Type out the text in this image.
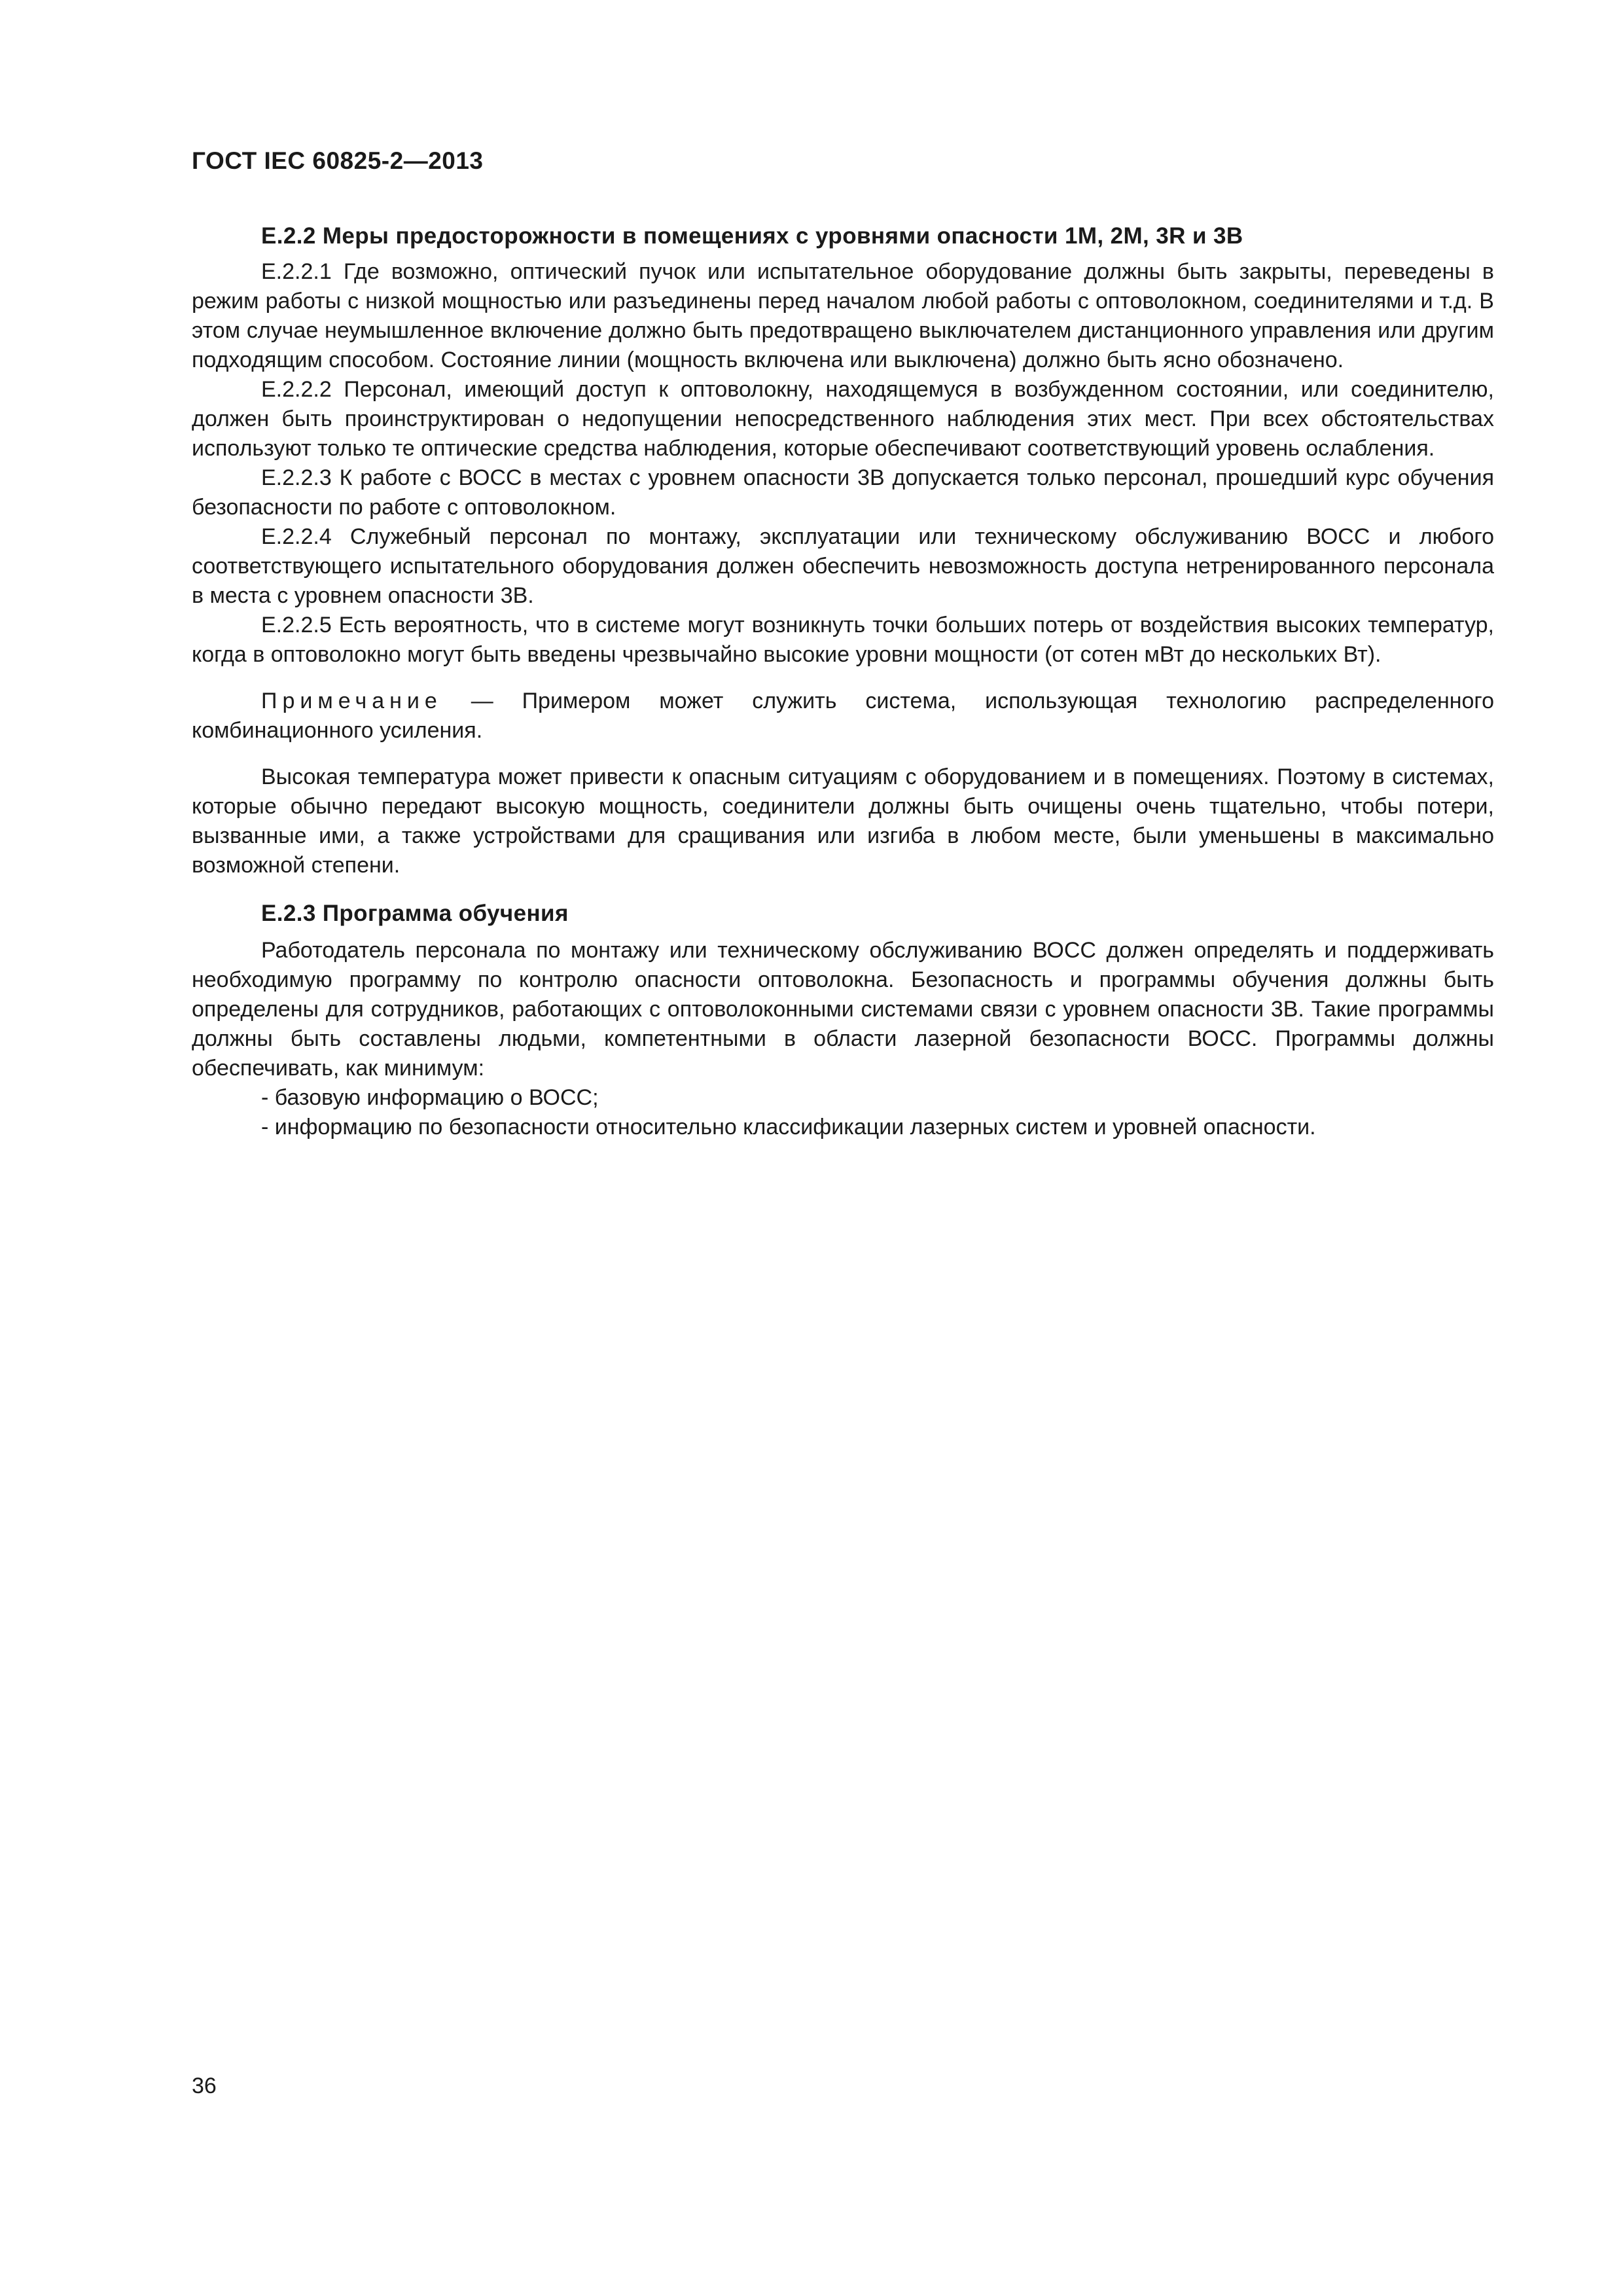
ГОСТ IEC 60825-2—2013
Е.2.2 Меры предосторожности в помещениях с уровнями опасности 1М, 2М, 3R и 3В

Е.2.2.1 Где возможно, оптический пучок или испытательное оборудование должны быть закрыты, переведены в режим работы с низкой мощностью или разъединены перед началом любой работы с оптоволокном, соединителями и т.д. В этом случае неумышленное включение должно быть предотвращено выключателем дистанционного управления или другим подходящим способом. Состояние линии (мощность включена или выключена) должно быть ясно обозначено.

Е.2.2.2 Персонал, имеющий доступ к оптоволокну, находящемуся в возбужденном состоянии, или соединителю, должен быть проинструктирован о недопущении непосредственного наблюдения этих мест. При всех обстоятельствах используют только те оптические средства наблюдения, которые обеспечивают соответствующий уровень ослабления.

Е.2.2.3 К работе с ВОСС в местах с уровнем опасности 3В допускается только персонал, прошедший курс обучения безопасности по работе с оптоволокном.

Е.2.2.4 Служебный персонал по монтажу, эксплуатации или техническому обслуживанию ВОСС и любого соответствующего испытательного оборудования должен обеспечить невозможность доступа нетренированного персонала в места с уровнем опасности 3В.

Е.2.2.5 Есть вероятность, что в системе могут возникнуть точки больших потерь от воздействия высоких температур, когда в оптоволокно могут быть введены чрезвычайно высокие уровни мощности (от сотен мВт до нескольких Вт).

Примечание — Примером может служить система, использующая технологию распределенного комбинационного усиления.

Высокая температура может привести к опасным ситуациям с оборудованием и в помещениях. Поэтому в системах, которые обычно передают высокую мощность, соединители должны быть очищены очень тщательно, чтобы потери, вызванные ими, а также устройствами для сращивания или изгиба в любом месте, были уменьшены в максимально возможной степени.

Е.2.3 Программа обучения

Работодатель персонала по монтажу или техническому обслуживанию ВОСС должен определять и поддерживать необходимую программу по контролю опасности оптоволокна. Безопасность и программы обучения должны быть определены для сотрудников, работающих с оптоволоконными системами связи с уровнем опасности 3В. Такие программы должны быть составлены людьми, компетентными в области лазерной безопасности ВОСС. Программы должны обеспечивать, как минимум:

- базовую информацию о ВОСС;
- информацию по безопасности относительно классификации лазерных систем и уровней опасности.
36
